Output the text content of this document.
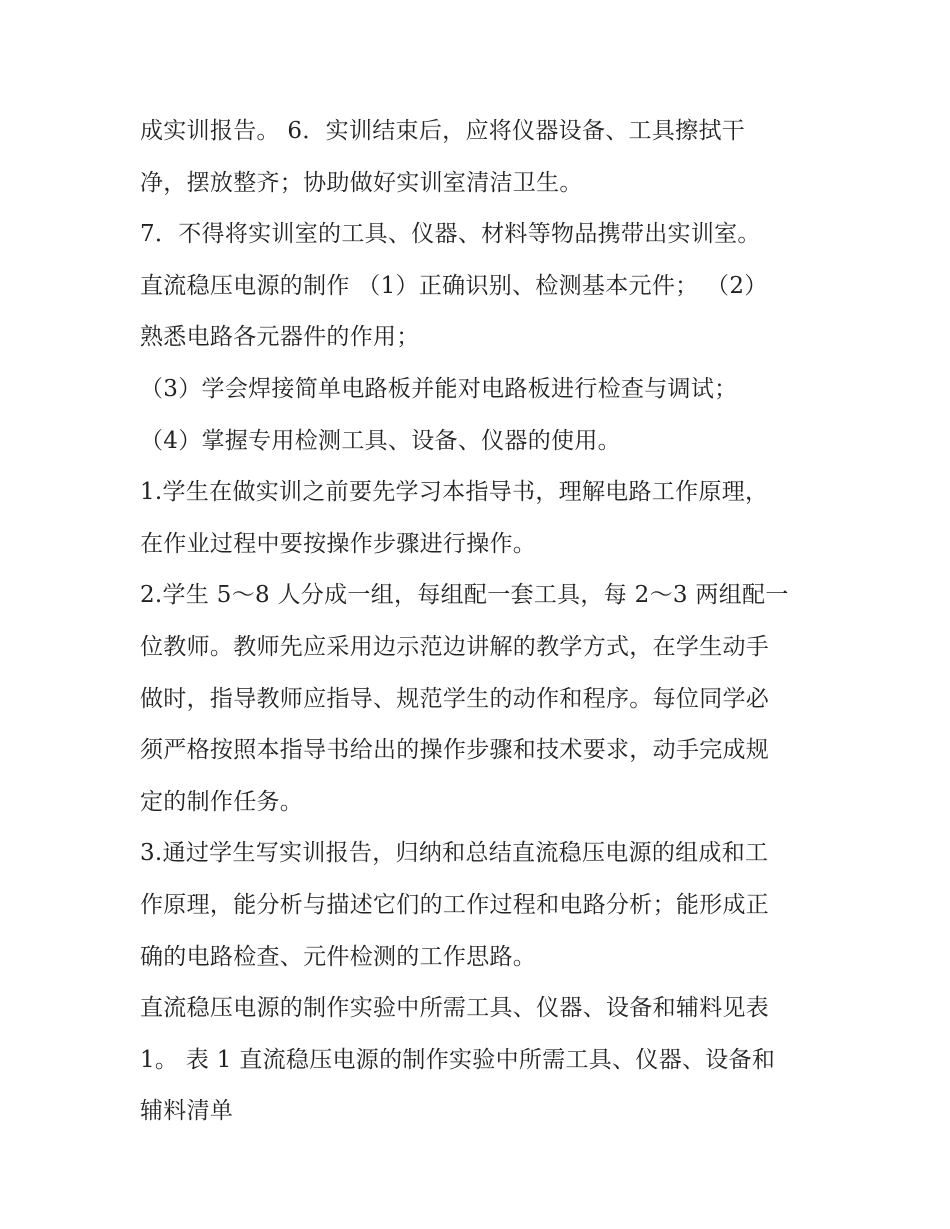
成实训报告。 6．实训结束后，应将仪器设备、工具擦拭干
净，摆放整齐；协助做好实训室清洁卫生。
7．不得将实训室的工具、仪器、材料等物品携带出实训室。
直流稳压电源的制作 （1）正确识别、检测基本元件； （2）
熟悉电路各元器件的作用；
（3）学会焊接简单电路板并能对电路板进行检查与调试；
（4）掌握专用检测工具、设备、仪器的使用。
1.学生在做实训之前要先学习本指导书，理解电路工作原理，
在作业过程中要按操作步骤进行操作。
2.学生 5～8 人分成一组，每组配一套工具，每 2～3 两组配一
位教师。教师先应采用边示范边讲解的教学方式，在学生动手
做时，指导教师应指导、规范学生的动作和程序。每位同学必
须严格按照本指导书给出的操作步骤和技术要求，动手完成规
定的制作任务。
3.通过学生写实训报告，归纳和总结直流稳压电源的组成和工
作原理，能分析与描述它们的工作过程和电路分析；能形成正
确的电路检查、元件检测的工作思路。
直流稳压电源的制作实验中所需工具、仪器、设备和辅料见表
1。 表 1 直流稳压电源的制作实验中所需工具、仪器、设备和
辅料清单
